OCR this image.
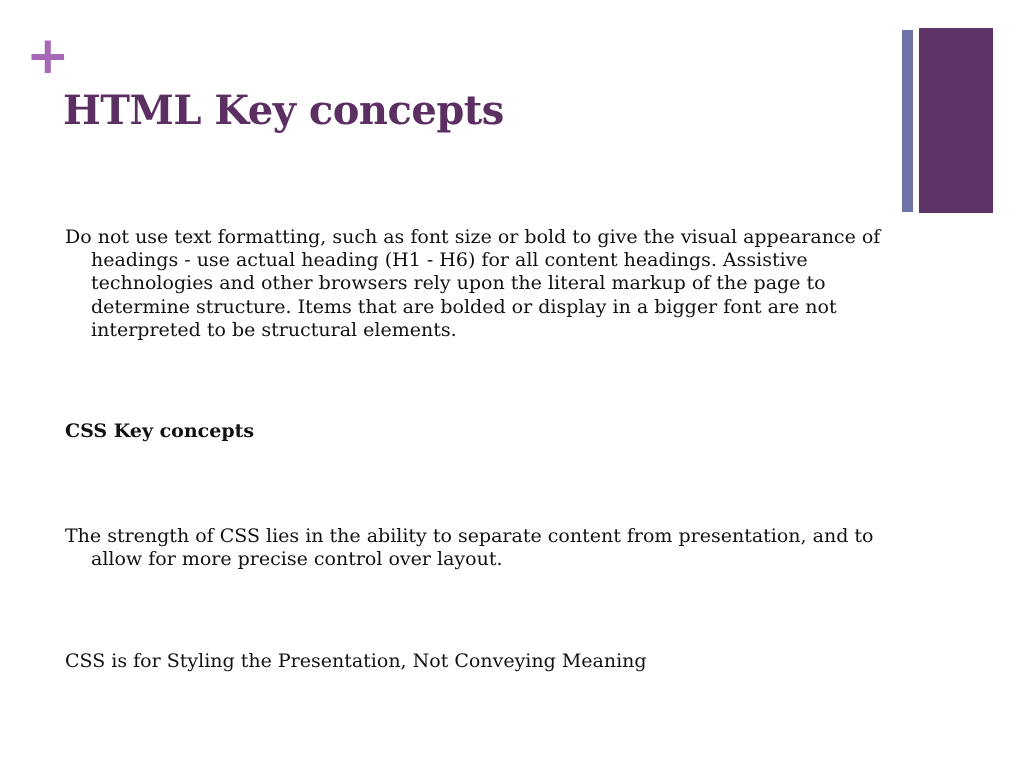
+
HTML Key concepts
Do not use text formatting, such as font size or bold to give the visual appearance of
headings - use actual heading (H1 - H6) for all content headings. Assistive
technologies and other browsers rely upon the literal markup of the page to
determine structure. Items that are bolded or display in a bigger font are not
interpreted to be structural elements.
CSS Key concepts
The strength of CSS lies in the ability to separate content from presentation, and to
allow for more precise control over layout.
CSS is for Styling the Presentation, Not Conveying Meaning
